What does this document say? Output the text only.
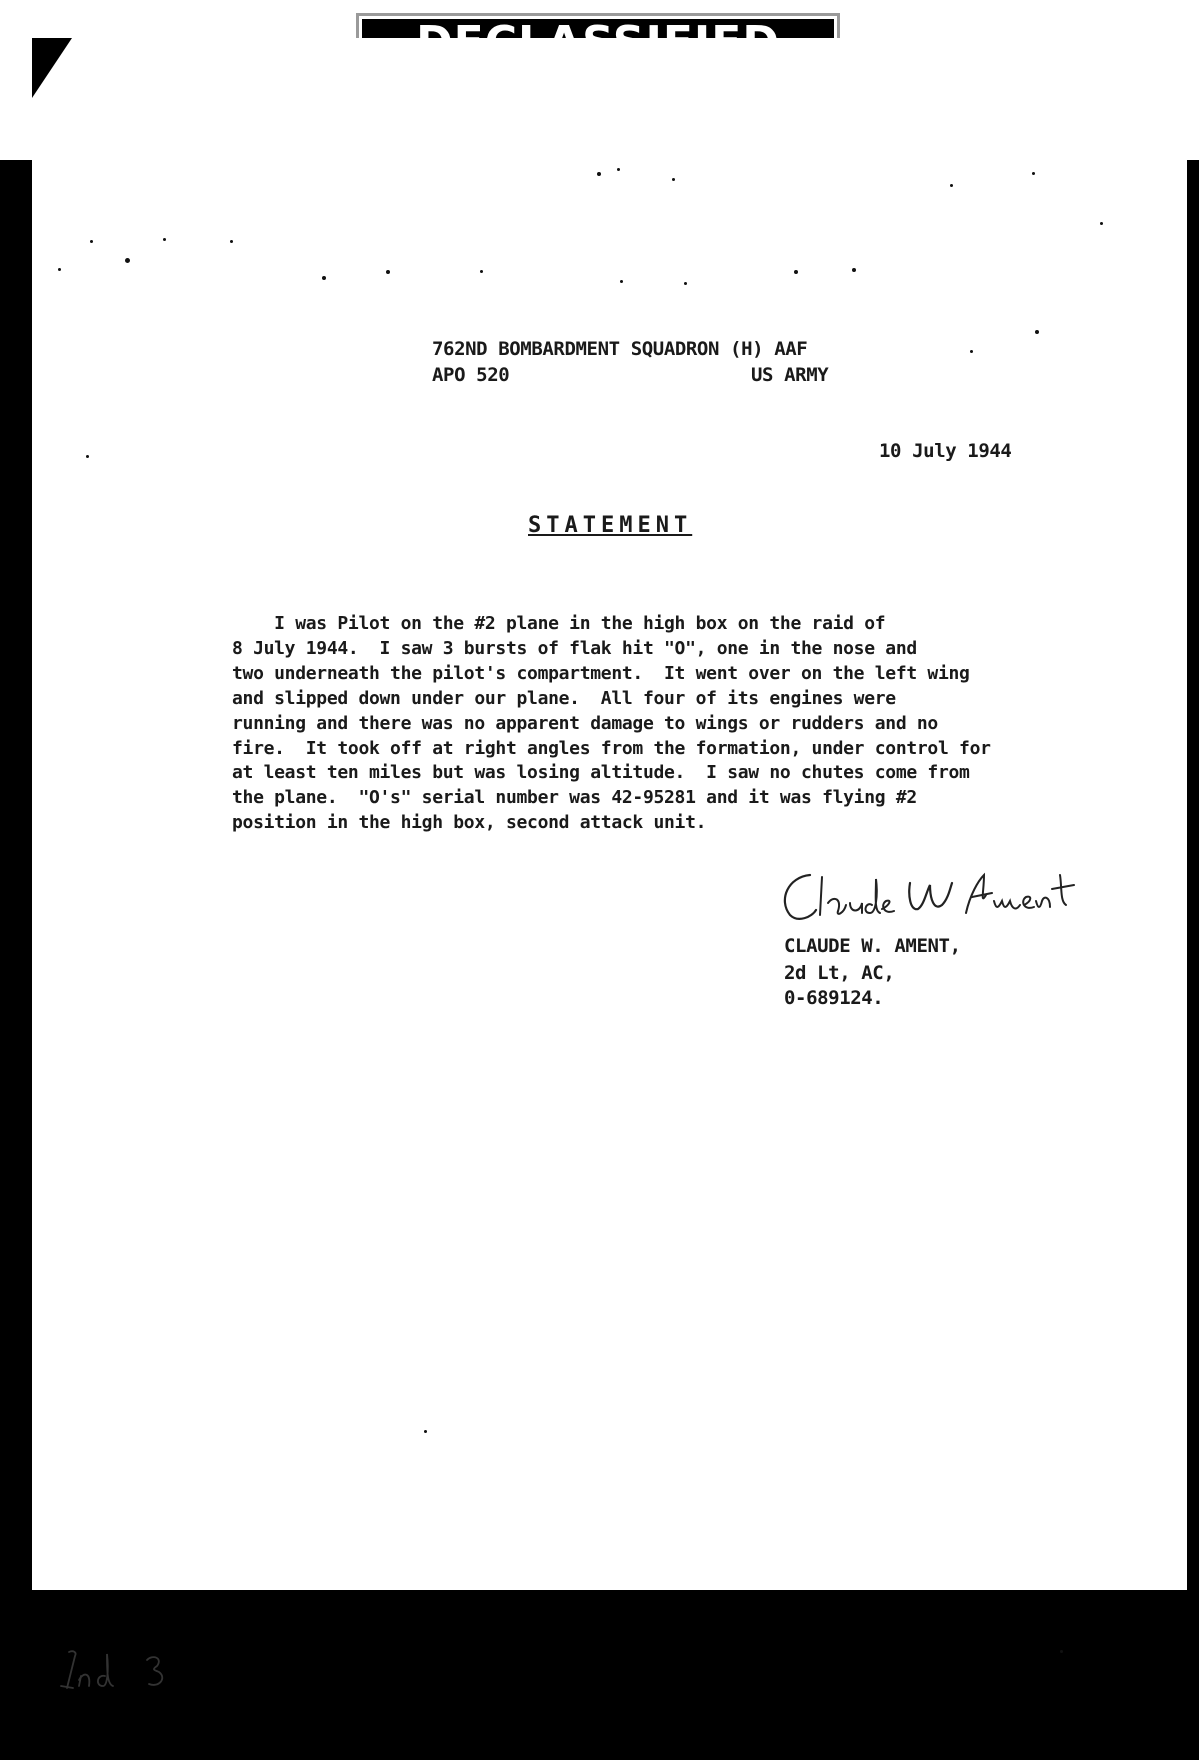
762ND BOMBARDMENT SQUADRON (H) AAF
APO 520	US ARMY
10 July 1944
STATEMENT
I was Pilot on the #2 plane in the high box on the raid of
8 July 1944.  I saw 3 bursts of flak hit "O", one in the nose and
two underneath the pilot's compartment.  It went over on the left wing
and slipped down under our plane.  All four of its engines were
running and there was no apparent damage to wings or rudders and no
fire.  It took off at right angles from the formation, under control for
at least ten miles but was losing altitude.  I saw no chutes come from
the plane.  "O's" serial number was 42-95281 and it was flying #2
position in the high box, second attack unit.
CLAUDE W. AMENT,
2d Lt, AC,
0-689124.
